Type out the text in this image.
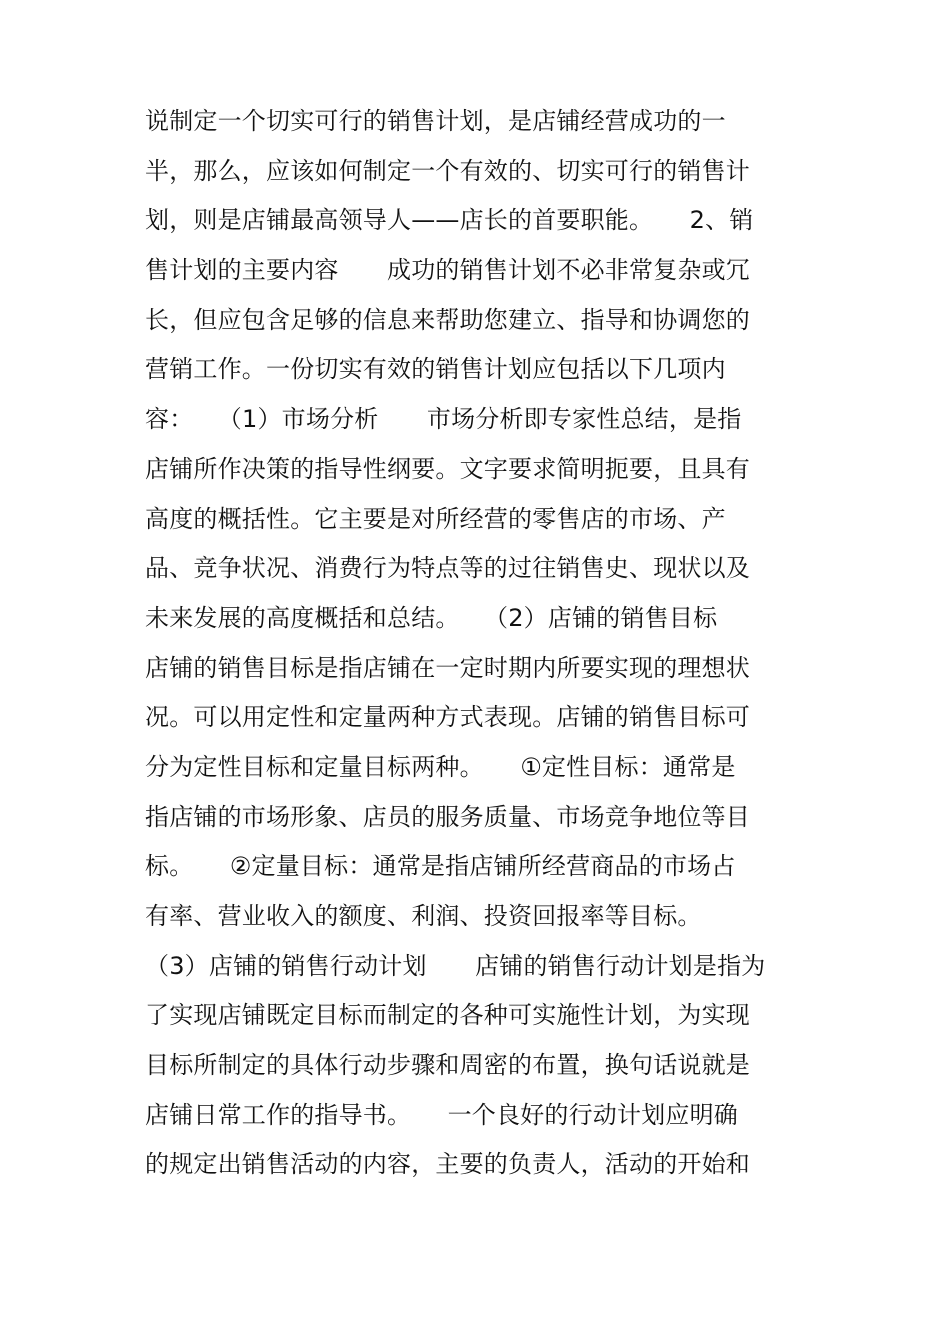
说制定一个切实可行的销售计划，是店铺经营成功的一
半，那么，应该如何制定一个有效的、切实可行的销售计
划，则是店铺最高领导人——店长的首要职能。　　2、销
售计划的主要内容　　成功的销售计划不必非常复杂或冗
长，但应包含足够的信息来帮助您建立、指导和协调您的
营销工作。一份切实有效的销售计划应包括以下几项内
容：　　（1）市场分析　　市场分析即专家性总结，是指
店铺所作决策的指导性纲要。文字要求简明扼要，且具有
高度的概括性。它主要是对所经营的零售店的市场、产
品、竞争状况、消费行为特点等的过往销售史、现状以及
未来发展的高度概括和总结。　　（2）店铺的销售目标
店铺的销售目标是指店铺在一定时期内所要实现的理想状
况。可以用定性和定量两种方式表现。店铺的销售目标可
分为定性目标和定量目标两种。　　①定性目标：通常是
指店铺的市场形象、店员的服务质量、市场竞争地位等目
标。　　②定量目标：通常是指店铺所经营商品的市场占
有率、营业收入的额度、利润、投资回报率等目标。
（3）店铺的销售行动计划　　店铺的销售行动计划是指为
了实现店铺既定目标而制定的各种可实施性计划，为实现
目标所制定的具体行动步骤和周密的布置，换句话说就是
店铺日常工作的指导书。　　一个良好的行动计划应明确
的规定出销售活动的内容，主要的负责人，活动的开始和
